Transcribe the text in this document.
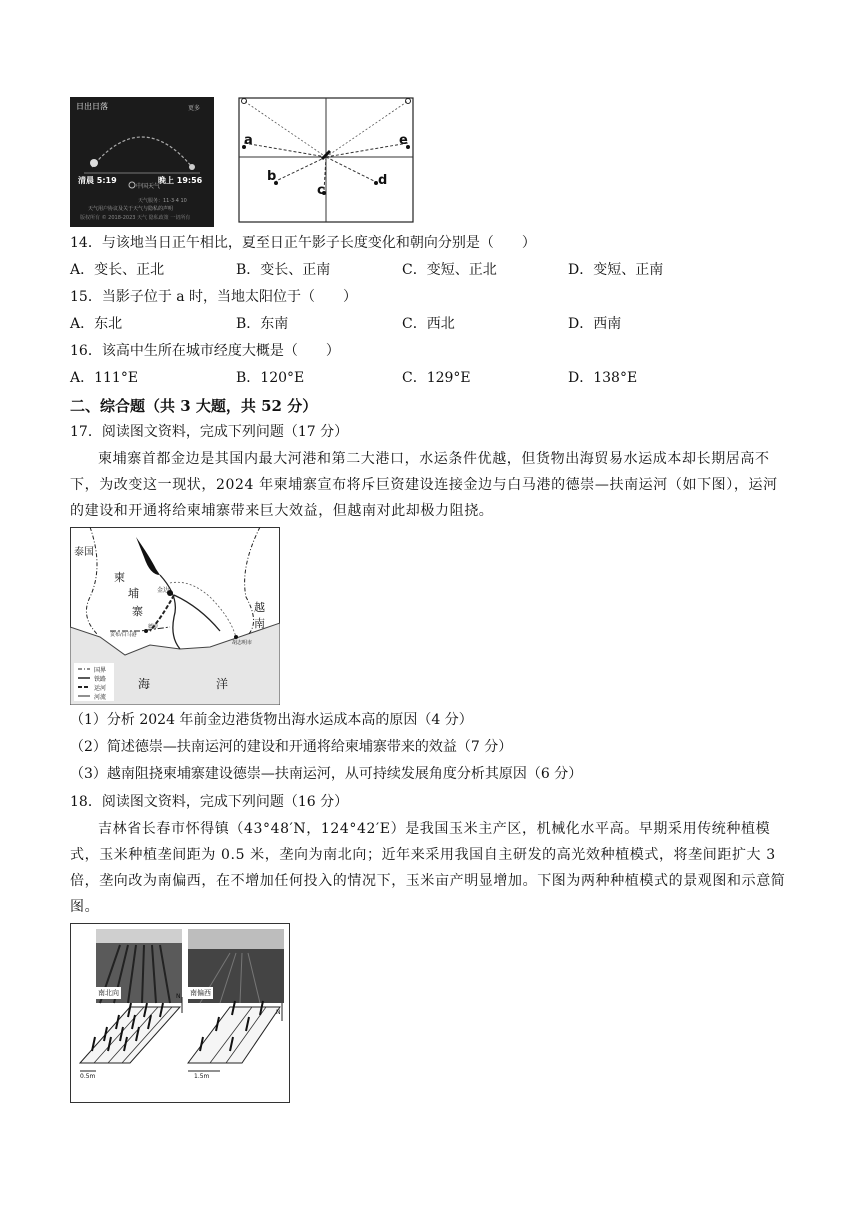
日出日落	更多
清晨 5:19	晚上 19:56
中国天气
天气服务：11·3·4 10
天气用户协议及关于天气与隐私的声明
版权所有 © 2018-2023 天气 隐私政策 一切所有
a
b
c
d
e
14．与该地当日正午相比，夏至日正午影子长度变化和朝向分别是（　　）
A．变长、正北	B．变长、正南	C．变短、正北	D．变短、正南
15．当影子位于 a 时，当地太阳位于（　　）
A．东北	B．东南	C．西北	D．西南
16．该高中生所在城市经度大概是（　　）
A．111°E	B．120°E	C．129°E	D．138°E
二、综合题（共 3 大题，共 52 分）
17．阅读图文资料，完成下列问题（17 分）
柬埔寨首都金边是其国内最大河港和第二大港口，水运条件优越，但货物出海贸易水运成本却长期居高不下，为改变这一现状，2024 年柬埔寨宣布将斥巨资建设连接金边与白马港的德崇—扶南运河（如下图），运河的建设和开通将给柬埔寨带来巨大效益，但越南对此却极力阻挠。
泰国
柬
埔
寨	越
南
金边
贡布/白马港
德崇
胡志明市
海	洋
国界
铁路
运河
河流
（1）分析 2024 年前金边港货物出海水运成本高的原因（4 分）
（2）简述德崇—扶南运河的建设和开通将给柬埔寨带来的效益（7 分）
（3）越南阻挠柬埔寨建设德崇—扶南运河，从可持续发展角度分析其原因（6 分）
18．阅读图文资料，完成下列问题（16 分）
吉林省长春市怀得镇（43°48′N，124°42′E）是我国玉米主产区，机械化水平高。早期采用传统种植模式，玉米种植垄间距为 0.5 米，垄向为南北向；近年来采用我国自主研发的高光效种植模式，将垄间距扩大 3 倍，垄向改为南偏西，在不增加任何投入的情况下，玉米亩产明显增加。下图为两种种植模式的景观图和示意简图。
南北向	南偏西
N
N
0.5m	1.5m
